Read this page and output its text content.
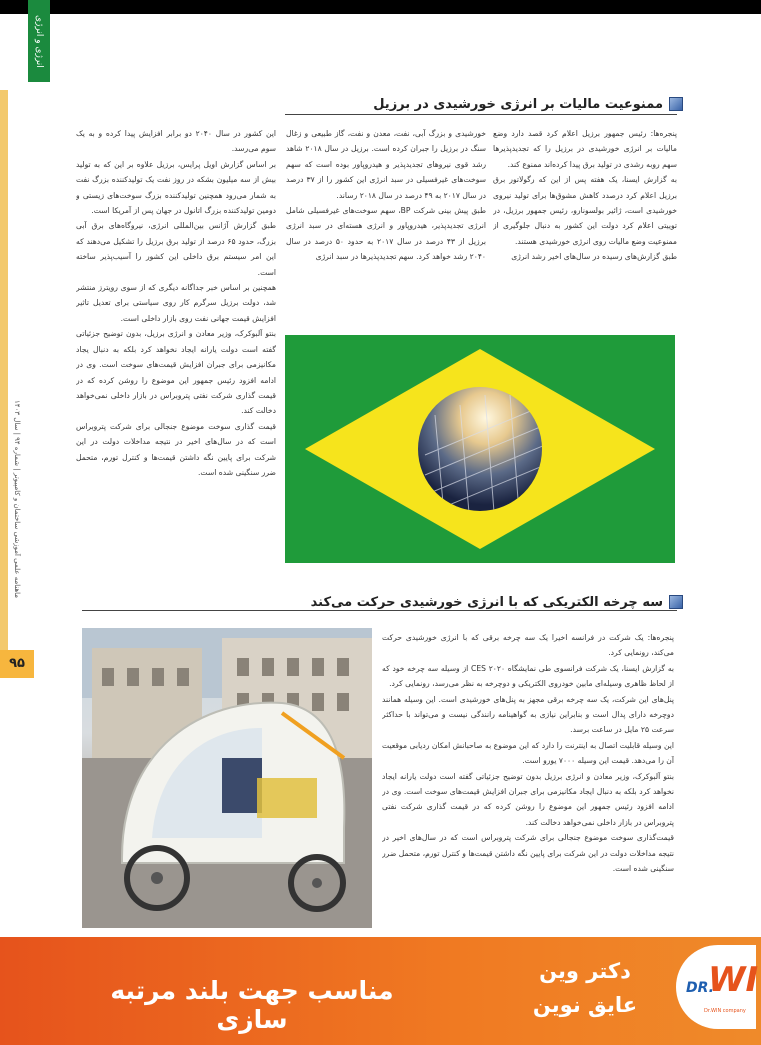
انرژی و انرژی
ماهنامه علمی آموزشی ساختمان و کامپیوتر | شماره ۹۴ | سال ۱۴۰۳
۹۵
ممنوعیت مالیات بر انرژی خورشیدی در برزیل

پنجره‌ها: رئیس جمهور برزیل اعلام کرد قصد دارد وضع مالیات بر انرژی خورشیدی در برزیل را که تجدیدپذیرها سهم روبه رشدی در تولید برق پیدا کرده‌اند ممنوع کند.

به گزارش ایسنا، یک هفته پس از این که رگولاتور برق برزیل اعلام کرد درصدد کاهش مشوق‌ها برای تولید نیروی خورشیدی است، ژائیر بولسونارو، رئیس جمهور برزیل، در توییتی اعلام کرد دولت این کشور به دنبال جلوگیری از ممنوعیت وضع مالیات روی انرژی خورشیدی هستند.

طبق گزارش‌های رسیده در سال‌های اخیر رشد انرژی

خورشیدی و بزرگ آبی، نفت، معدن و نفت، گاز طبیعی و زغال سنگ در برزیل را جبران کرده است. برزیل در سال ۲۰۱۸ شاهد رشد قوی نیروهای تجدیدپذیر و هیدروپاور بوده است که سهم سوخت‌های غیرفسیلی در سبد انرژی این کشور را از ۳۷ درصد در سال ۲۰۱۷ به ۴۹ درصد در سال ۲۰۱۸ رساند.

طبق پیش بینی شرکت BP، سهم سوخت‌های غیرفسیلی شامل انرژی تجدیدپذیر، هیدروپاور و انرژی هسته‌ای در سبد انرژی برزیل از ۴۳ درصد در سال ۲۰۱۷ به حدود ۵۰ درصد در سال ۲۰۴۰ رشد خواهد کرد. سهم تجدیدپذیرها در سبد انرژی

این کشور در سال ۲۰۴۰ دو برابر افزایش پیدا کرده و به یک سوم می‌رسد.

بر اساس گزارش اویل پرایس، برزیل علاوه بر این که به تولید بیش از سه میلیون بشکه در روز نفت یک تولیدکننده بزرگ نفت به شمار می‌رود همچنین تولیدکننده بزرگ سوخت‌های زیستی و دومین تولیدکننده بزرگ اتانول در جهان پس از آمریکا است.

طبق گزارش آژانس بین‌المللی انرژی، نیروگاه‌های برق آبی بزرگ، حدود ۶۵ درصد از تولید برق برزیل را تشکیل می‌دهند که این امر سیستم برق داخلی این کشور را آسیب‌پذیر ساخته است.

همچنین بر اساس خبر جداگانه دیگری که از سوی رویترز منتشر شد، دولت برزیل سرگرم کار روی سیاستی برای تعدیل تاثیر افزایش قیمت جهانی نفت روی بازار داخلی است.

بنتو آلبوکرک، وزیر معادن و انرژی برزیل، بدون توضیح جزئیاتی گفته است دولت یارانه ایجاد نخواهد کرد بلکه به دنبال یجاد مکانیزمی برای جبران افزایش قیمت‌های سوخت است. وی در ادامه افزود رئیس جمهور این موضوع را روشن کرده که در قیمت گذاری شرکت نفتی پتروبراس در بازار داخلی نمی‌خواهد دخالت کند.

قیمت گذاری سوخت موضوع جنجالی برای شرکت پتروبراس است که در سال‌های اخیر در نتیجه مداخلات دولت در این شرکت برای پایین نگه داشتن قیمت‌ها و کنترل تورم، متحمل ضرر سنگینی شده است.

سه چرخه الکتریکی که با انرژی خورشیدی حرکت می‌کند

پنجره‌ها: یک شرکت در فرانسه اخیرا یک سه چرخه برقی که با انرژی خورشیدی حرکت می‌کند، رونمایی کرد.

به گزارش ایسنا، یک شرکت فرانسوی طی نمایشگاه CES ۲۰۲۰ از وسیله سه چرخه خود که از لحاظ ظاهری وسیله‌ای مابین خودروی الکتریکی و دوچرخه به نظر می‌رسد، رونمایی کرد.

پنل‌های این شرکت، یک سه چرخه برقی مجهز به پنل‌های خورشیدی است. این وسیله همانند دوچرخه دارای پدال است و بنابراین نیازی به گواهینامه رانندگی نیست و می‌تواند با حداکثر سرعت ۲۵ مایل در ساعت برسد.

این وسیله قابلیت اتصال به اینترنت را دارد که این موضوع به صاحبانش امکان ردیابی موقعیت آن را می‌دهد. قیمت این وسیله ۷۰۰۰ یورو است.

بنتو آلبوکرک، وزیر معادن و انرژی برزیل بدون توضیح جزئیاتی گفته است دولت یارانه ایجاد نخواهد کرد بلکه به دنبال ایجاد مکانیزمی برای جبران افزایش قیمت‌های سوخت است. وی در ادامه افزود رئیس جمهور این موضوع را روشن کرده که در قیمت گذاری شرکت نفتی پتروبراس در بازار داخلی نمی‌خواهد دخالت کند.

قیمت‌گذاری سوخت موضوع جنجالی برای شرکت پتروبراس است که در سال‌های اخیر در نتیجه مداخلات دولت در این شرکت برای پایین نگه داشتن قیمت‌ها و کنترل تورم، متحمل ضرر سنگینی شده است.

مناسب جهت بلند مرتبه سازی
دکتر وین
عایق نوین
WI
DR.
Dr.WIN company
